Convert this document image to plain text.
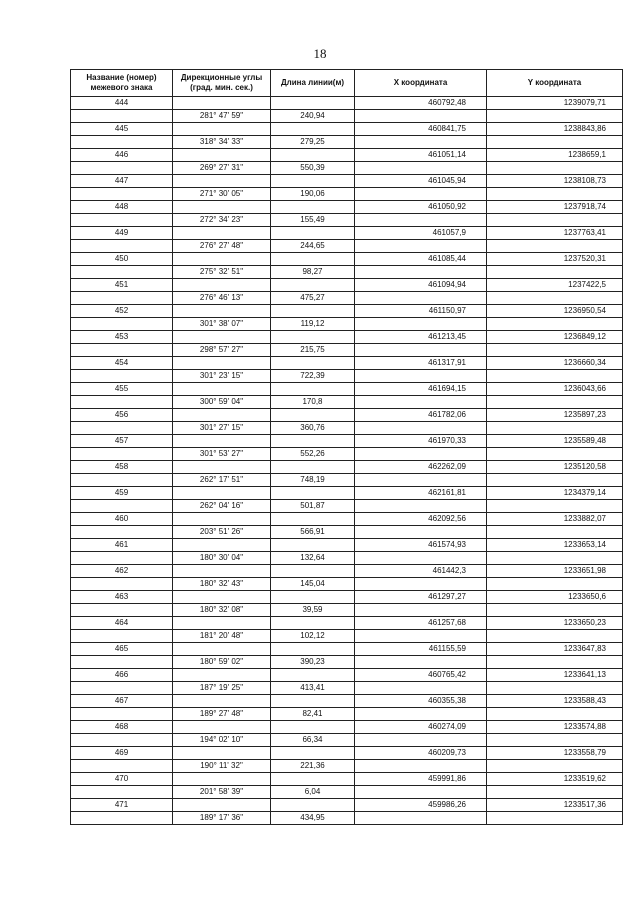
18
Название (номер) межевого знака	Дирекционные углы (град. мин. сек.)	Длина линии(м)	X координата	Y координата
444			460792,48	1239079,71
	281° 47' 59"	240,94		
445			460841,75	1238843,86
	318° 34' 33"	279,25		
446			461051,14	1238659,1
	269° 27' 31"	550,39		
447			461045,94	1238108,73
	271° 30' 05"	190,06		
448			461050,92	1237918,74
	272° 34' 23"	155,49		
449			461057,9	1237763,41
	276° 27' 48"	244,65		
450			461085,44	1237520,31
	275° 32' 51"	98,27		
451			461094,94	1237422,5
	276° 46' 13"	475,27		
452			461150,97	1236950,54
	301° 38' 07"	119,12		
453			461213,45	1236849,12
	298° 57' 27"	215,75		
454			461317,91	1236660,34
	301° 23' 15"	722,39		
455			461694,15	1236043,66
	300° 59' 04"	170,8		
456			461782,06	1235897,23
	301° 27' 15"	360,76		
457			461970,33	1235589,48
	301° 53' 27"	552,26		
458			462262,09	1235120,58
	262° 17' 51"	748,19		
459			462161,81	1234379,14
	262° 04' 16"	501,87		
460			462092,56	1233882,07
	203° 51' 26"	566,91		
461			461574,93	1233653,14
	180° 30' 04"	132,64		
462			461442,3	1233651,98
	180° 32' 43"	145,04		
463			461297,27	1233650,6
	180° 32' 08"	39,59		
464			461257,68	1233650,23
	181° 20' 48"	102,12		
465			461155,59	1233647,83
	180° 59' 02"	390,23		
466			460765,42	1233641,13
	187° 19' 25"	413,41		
467			460355,38	1233588,43
	189° 27' 48"	82,41		
468			460274,09	1233574,88
	194° 02' 10"	66,34		
469			460209,73	1233558,79
	190° 11' 32"	221,36		
470			459991,86	1233519,62
	201° 58' 39"	6,04		
471			459986,26	1233517,36
	189° 17' 36"	434,95		
